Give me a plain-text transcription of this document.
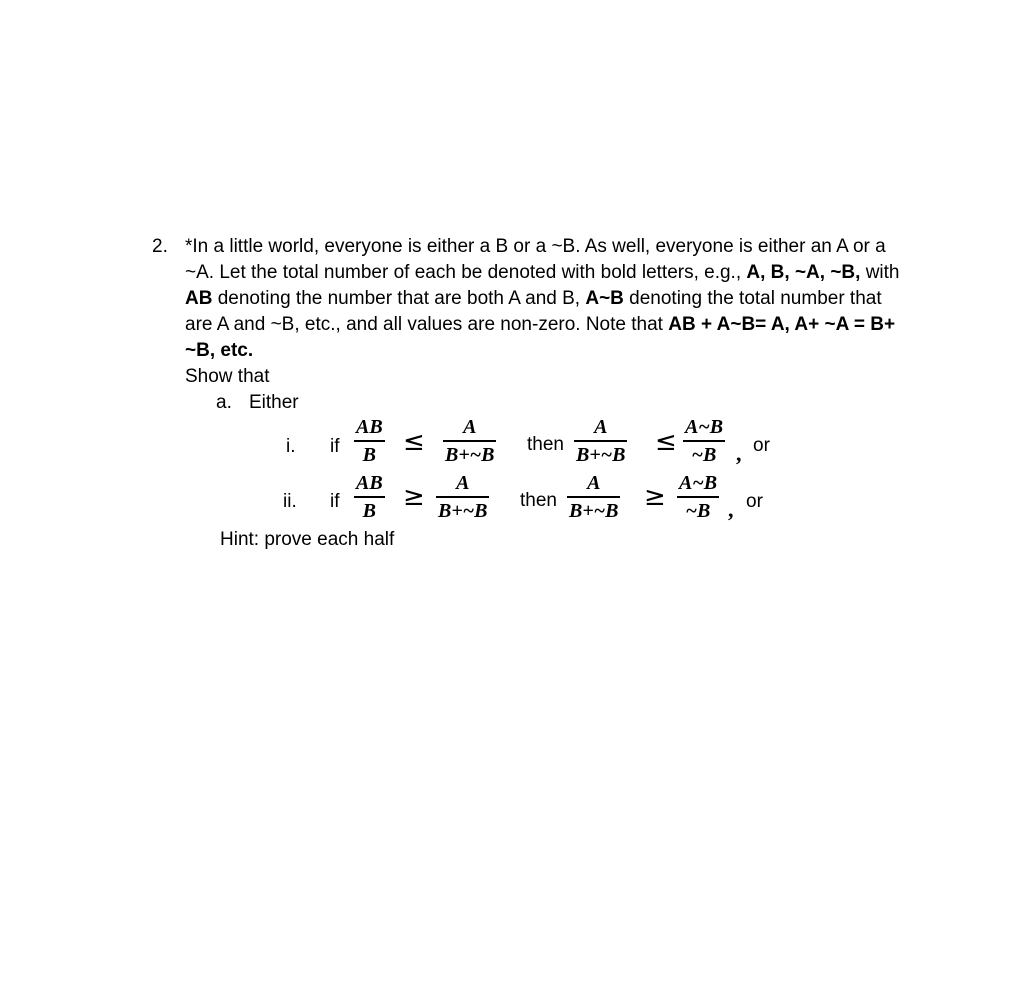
2. *In a little world, everyone is either a B or a ~B. As well, everyone is either an A or a ~A. Let the total number of each be denoted with bold letters, e.g., A, B, ~A, ~B, with AB denoting the number that are both A and B, A~B denoting the total number that are A and ~B, etc., and all values are non-zero. Note that AB + A~B= A, A+ ~A = B+ ~B, etc.

Show that

a. Either
i. if
AB
B ≤ A
B+~B then
A
B+~B ≤ A~B
~B , or
ii. if
AB
B ≥ A
B+~B then
A
B+~B ≥ A~B
~B , or
Hint: prove each half
